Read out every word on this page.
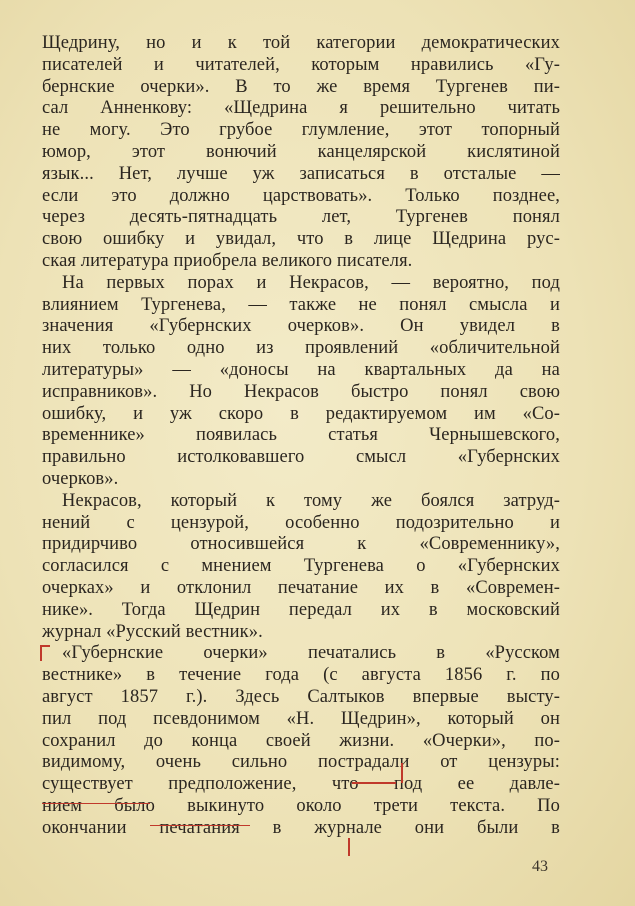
Щедрину, но и к той категории демократических
писателей и читателей, которым нравились «Гу-
бернские очерки». В то же время Тургенев пи-
сал Анненкову: «Щедрина я решительно читать
не могу. Это грубое глумление, этот топорный
юмор, этот вонючий канцелярской кислятиной
язык... Нет, лучше уж записаться в отсталые —
если это должно царствовать». Только позднее,
через десять-пятнадцать лет, Тургенев понял
свою ошибку и увидал, что в лице Щедрина рус-
ская литература приобрела великого писателя.
На первых порах и Некрасов, — вероятно, под
влиянием Тургенева, — также не понял смысла и
значения «Губернских очерков». Он увидел в
них только одно из проявлений «обличительной
литературы» — «доносы на квартальных да на
исправников». Но Некрасов быстро понял свою
ошибку, и уж скоро в редактируемом им «Со-
временнике» появилась статья Чернышевского,
правильно истолковавшего смысл «Губернских
очерков».
Некрасов, который к тому же боялся затруд-
нений с цензурой, особенно подозрительно и
придирчиво относившейся к «Современнику»,
согласился с мнением Тургенева о «Губернских
очерках» и отклонил печатание их в «Современ-
нике». Тогда Щедрин передал их в московский
журнал «Русский вестник».
«Губернские очерки» печатались в «Русском
вестнике» в течение года (с августа 1856 г. по
август 1857 г.). Здесь Салтыков впервые высту-
пил под псевдонимом «Н. Щедрин», который он
сохранил до конца своей жизни. «Очерки», по-
видимому, очень сильно пострадали от цензуры:
существует предположение, что под ее давле-
нием было выкинуто около трети текста. По
окончании печатания в журнале они были в
43
